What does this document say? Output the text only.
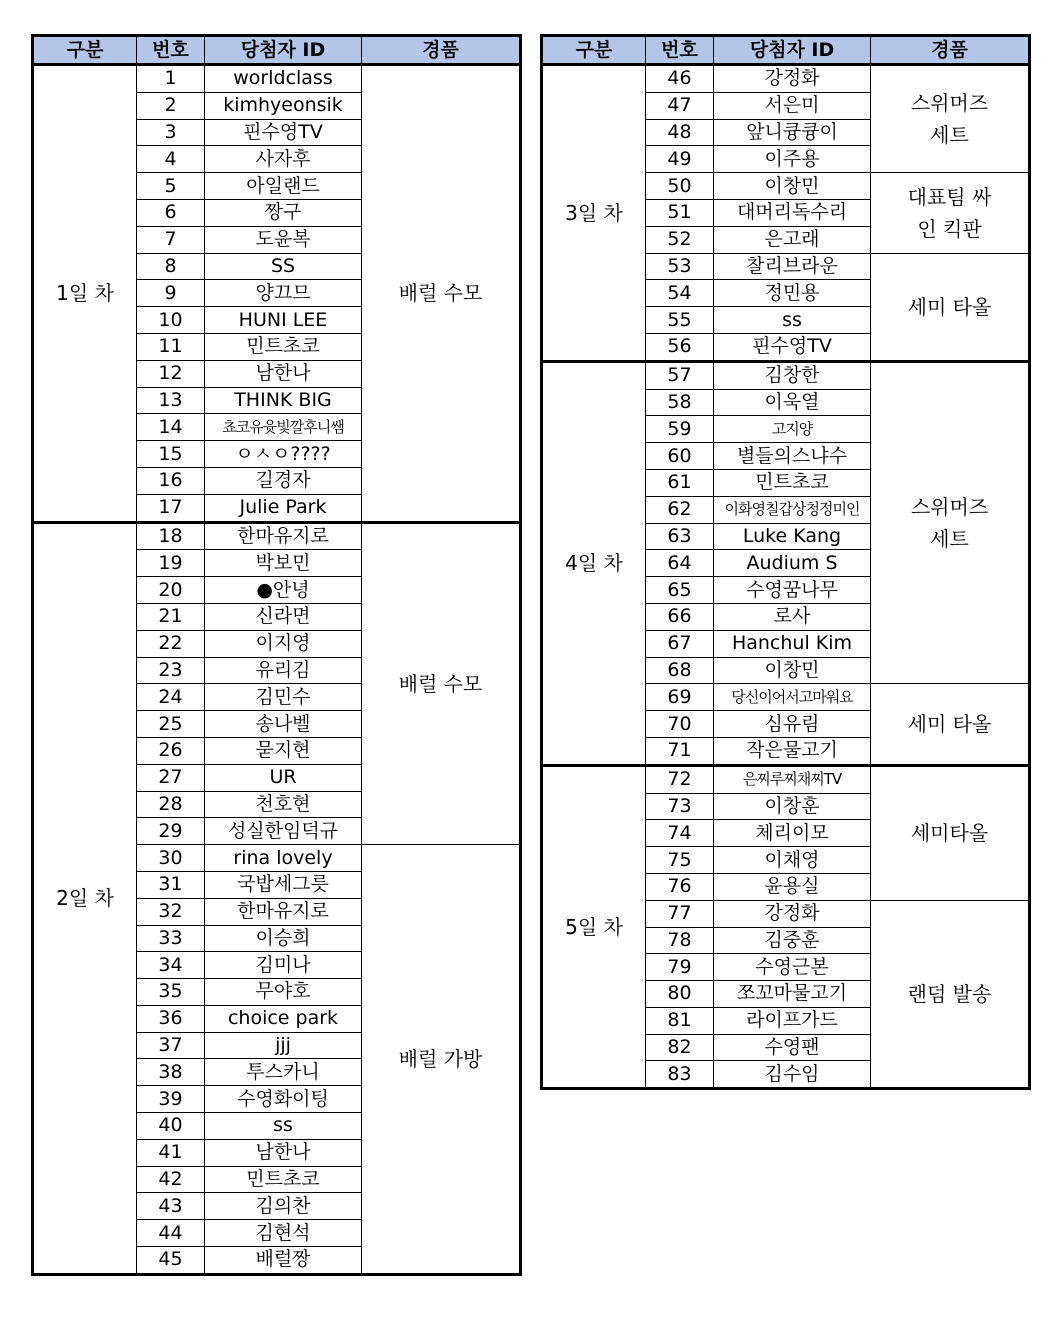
구분	번호	당첨자 ID	경품
1일 차	1	worldclass	배럴 수모
	2	kimhyeonsik	
	3	핀수영TV	
	4	사자후	
	5	아일랜드	
	6	짱구	
	7	도윤복	
	8	SS	
	9	양끄므	
	10	HUNI LEE	
	11	민트초코	
	12	남한나	
	13	THINK BIG	
	14	쵸코유윳빛깔후니쌤	
	15	ㅇㅅㅇ????	
	16	길경자	
	17	Julie Park	
2일 차	18	한마유지로	배럴 수모
	19	박보민	
	20	●안녕	
	21	신라면	
	22	이지영	
	23	유리김	
	24	김민수	
	25	송나벨	
	26	묻지현	
	27	UR	
	28	천호현	
	29	성실한임덕규	
	30	rina lovely	배럴 가방
	31	국밥세그릇	
	32	한마유지로	
	33	이승희	
	34	김미나	
	35	무야호	
	36	choice park	
	37	jjj	
	38	투스카니	
	39	수영화이팅	
	40	ss	
	41	남한나	
	42	민트초코	
	43	김의찬	
	44	김현석	
	45	배럴짱	
구분	번호	당첨자 ID	경품
3일 차	46	강정화	스위머즈 세트
	47	서은미	
	48	앞니큥큥이	
	49	이주용	
	50	이창민	대표팀 싸인 킥판
	51	대머리독수리	
	52	은고래	
	53	찰리브라운	세미 타올
	54	정민용	
	55	ss	
	56	핀수영TV	
4일 차	57	김창한	스위머즈 세트
	58	이욱열	
	59	고지양	
	60	별들의스냐수	
	61	민트초코	
	62	이화영칠갑상청정미인	
	63	Luke Kang	
	64	Audium S	
	65	수영꿈나무	
	66	로사	
	67	Hanchul Kim	
	68	이창민	
	69	당신이어서고마워요	세미 타올
	70	심유림	
	71	작은물고기	
5일 차	72	은찌루찌채찌TV	세미타올
	73	이창훈	
	74	체리이모	
	75	이채영	
	76	윤용실	
	77	강정화	랜덤 발송
	78	김중훈	
	79	수영근본	
	80	쪼꼬마물고기	
	81	라이프가드	
	82	수영팬	
	83	김수임	
